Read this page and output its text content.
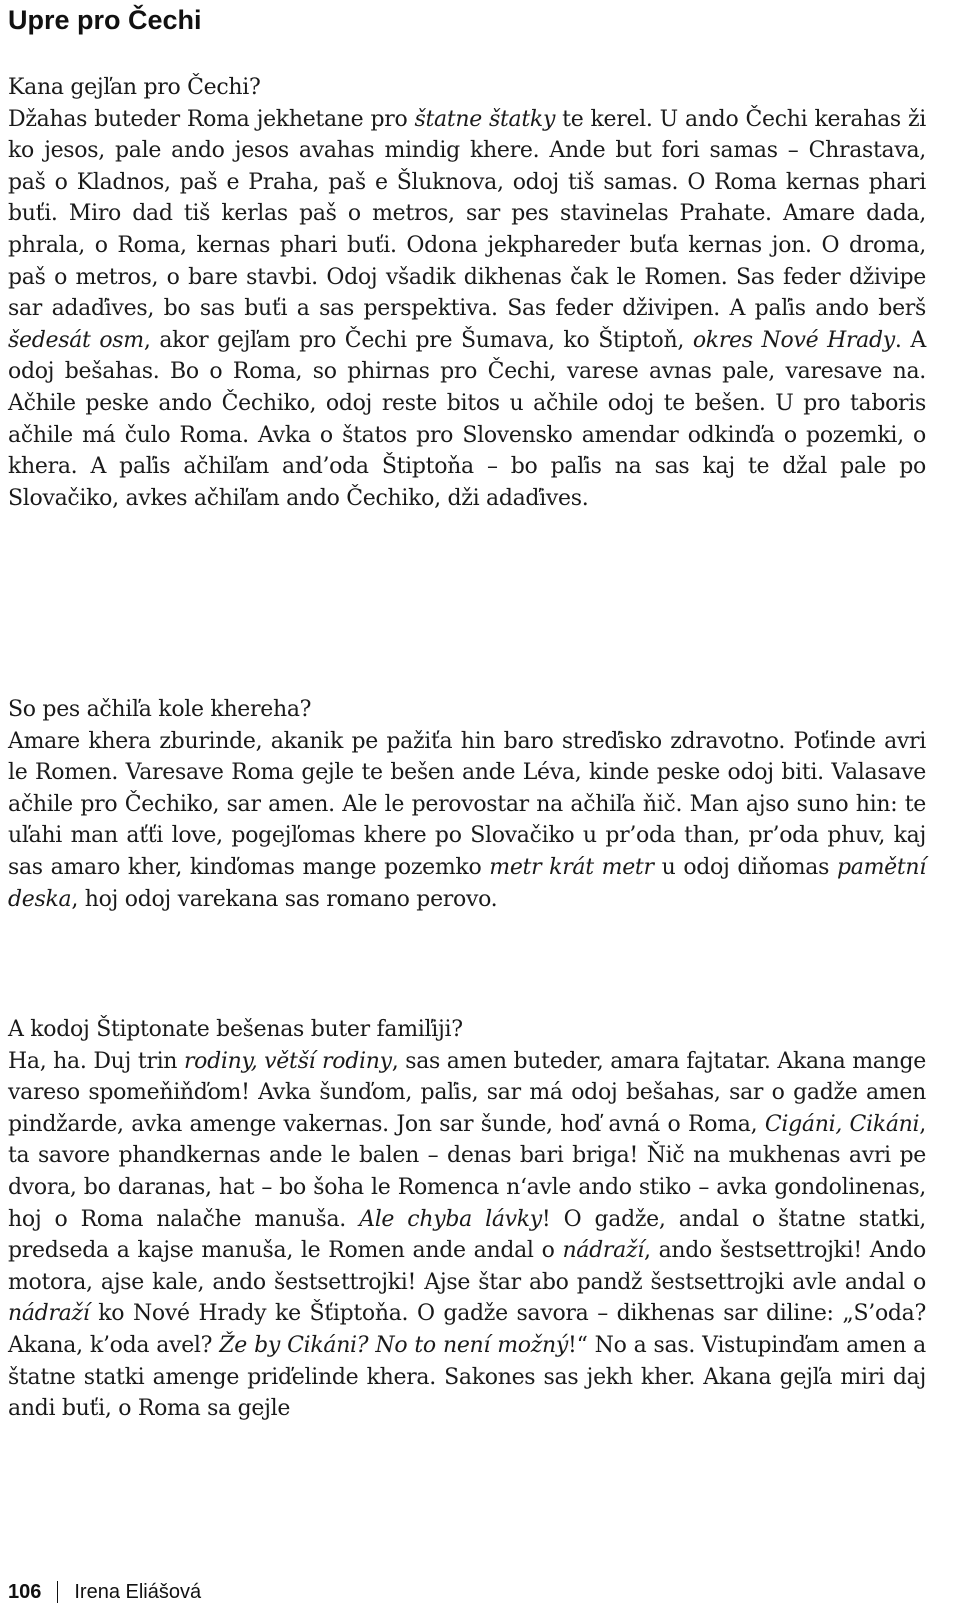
Upre pro Čechi

Kana gejľan pro Čechi?

Džahas buteder Roma jekhetane pro štatne štatky te kerel. U ando Čechi kerahas ži ko jesos, pale ando jesos avahas mindig khere. Ande but fori samas – Chrastava, paš o Kladnos, paš e Praha, paš e Šluknova, odoj tiš samas. O Roma kernas phari buťi. Miro dad tiš kerlas paš o metros, sar pes stavinelas Prahate. Amare dada, phrala, o Roma, kernas phari buťi. Odona jekphareder buťa kernas jon. O droma, paš o metros, o bare stavbi. Odoj všadik dikhenas čak le Romen. Sas feder dživipe sar adaďives, bo sas buťi a sas perspektiva. Sas feder dživipen. A paľis ando berš šedesát osm, akor gejľam pro Čechi pre Šumava, ko Štiptoň, okres Nové Hrady. A odoj bešahas. Bo o Roma, so phirnas pro Čechi, varese avnas pale, varesave na. Ačhile peske ando Čechiko, odoj reste bitos u ačhile odoj te bešen. U pro taboris ačhile má čulo Roma. Avka o štatos pro Slovensko amendar odkinďa o pozemki, o khera. A paľis ačhiľam and’oda Štiptoňa – bo paľis na sas kaj te džal pale po Slovačiko, avkes ačhiľam ando Čechiko, dži adaďives.

So pes ačhiľa kole khereha?

Amare khera zburinde, akanik pe pažiťa hin baro streďisko zdravotno. Poťinde avri le Romen. Varesave Roma gejle te bešen ande Léva, kinde peske odoj biti. Valasave ačhile pro Čechiko, sar amen. Ale le perovostar na ačhiľa ňič. Man ajso suno hin: te uľahi man aťťi love, pogejľomas khere po Slovačiko u pr’oda than, pr’oda phuv, kaj sas amaro kher, kinďomas mange pozemko metr krát metr u odoj diňomas pamětní deska, hoj odoj varekana sas romano perovo.

A kodoj Štiptonate bešenas buter famiľiji?

Ha, ha. Duj trin rodiny, větší rodiny, sas amen buteder, amara fajtatar. Akana mange vareso spomeňiňďom! Avka šunďom, paľis, sar má odoj bešahas, sar o gadže amen pindžarde, avka amenge vakernas. Jon sar šunde, hoď avná o Roma, Cigáni, Cikáni, ta savore phandkernas ande le balen – denas bari briga! Ňič na mukhenas avri pe dvora, bo daranas, hat – bo šoha le Romenca n‘avle ando stiko – avka gondolinenas, hoj o Roma nalačhe manuša. Ale chyba lávky! O gadže, andal o štatne statki, predseda a kajse manuša, le Romen ande andal o nádraží, ando šestsettrojki! Ando motora, ajse kale, ando šestsettrojki! Ajse štar abo pandž šestsettrojki avle andal o nádraží ko Nové Hrady ke Šťiptoňa. O gadže savora – dikhenas sar diline: „S’oda? Akana, k’oda avel? Že by Cikáni? No to není možný!“ No a sas. Vistupinďam amen a štatne statki amenge priďelinde khera. Sakones sas jekh kher. Akana gejľa miri daj andi buťi, o Roma sa gejle

106 Irena Eliášová
